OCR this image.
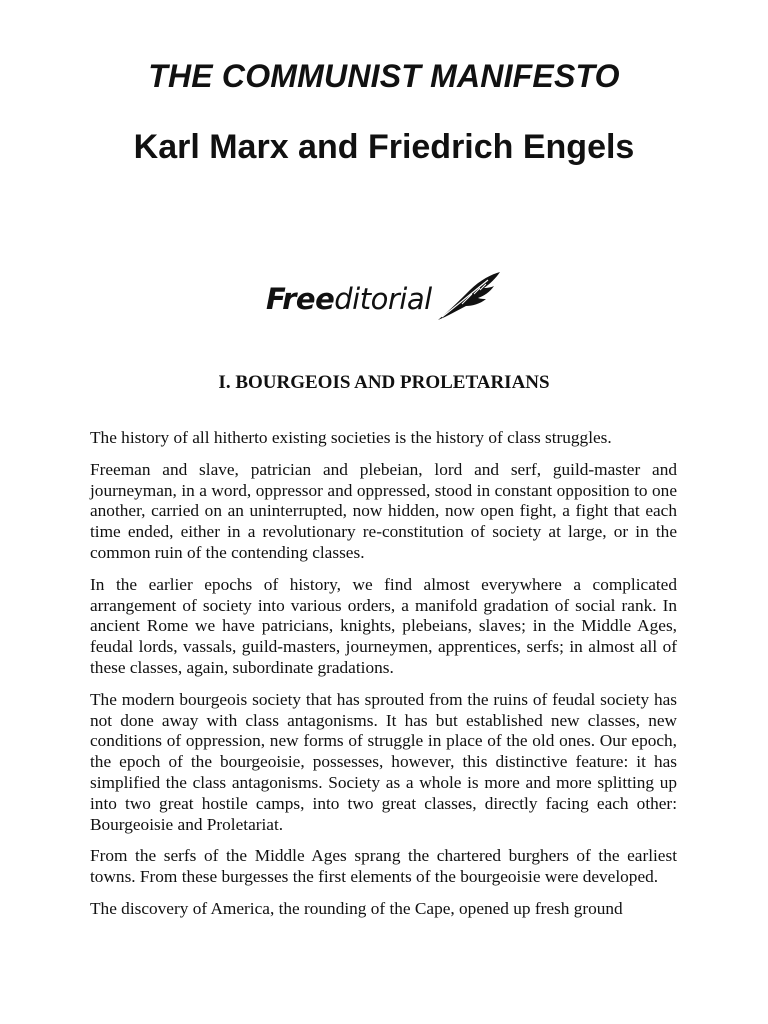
THE COMMUNIST MANIFESTO
Karl Marx and Friedrich Engels
Freeditorial
I. BOURGEOIS AND PROLETARIANS

The history of all hitherto existing societies is the history of class struggles.

Freeman and slave, patrician and plebeian, lord and serf, guild-master and journeyman, in a word, oppressor and oppressed, stood in constant opposition to one another, carried on an uninterrupted, now hidden, now open fight, a fight that each time ended, either in a revolutionary re-constitution of society at large, or in the common ruin of the contending classes.

In the earlier epochs of history, we find almost everywhere a complicated arrangement of society into various orders, a manifold gradation of social rank. In ancient Rome we have patricians, knights, plebeians, slaves; in the Middle Ages, feudal lords, vassals, guild-masters, journeymen, apprentices, serfs; in almost all of these classes, again, subordinate gradations.

The modern bourgeois society that has sprouted from the ruins of feudal society has not done away with class antagonisms. It has but established new classes, new conditions of oppression, new forms of struggle in place of the old ones. Our epoch, the epoch of the bourgeoisie, possesses, however, this distinctive feature: it has simplified the class antagonisms. Society as a whole is more and more splitting up into two great hostile camps, into two great classes, directly facing each other: Bourgeoisie and Proletariat.

From the serfs of the Middle Ages sprang the chartered burghers of the earliest towns. From these burgesses the first elements of the bourgeoisie were developed.

The discovery of America, the rounding of the Cape, opened up fresh ground
